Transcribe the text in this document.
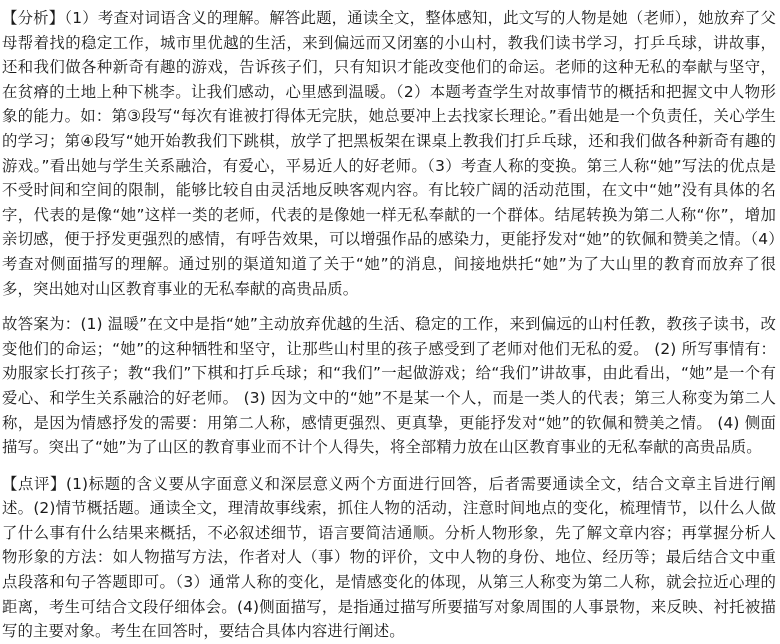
【分析】（1）考查对词语含义的理解。解答此题，通读全文，整体感知，此文写的人物是她（老师），她放弃了父母帮着找的稳定工作，城市里优越的生活，来到偏远而又闭塞的小山村，教我们读书学习，打乒乓球，讲故事，还和我们做各种新奇有趣的游戏，告诉孩子们，只有知识才能改变他们的命运。老师的这种无私的奉献与坚守，在贫瘠的土地上种下桃李。让我们感动，心里感到温暖。（2）本题考查学生对故事情节的概括和把握文中人物形象的能力。如：第③段写“每次有谁被打得体无完肤，她总要冲上去找家长理论。”看出她是一个负责任，关心学生的学习；第④段写“她开始教我们下跳棋，放学了把黑板架在课桌上教我们打乒乓球，还和我们做各种新奇有趣的游戏。”看出她与学生关系融洽，有爱心，平易近人的好老师。（3）考查人称的变换。第三人称“她”写法的优点是不受时间和空间的限制，能够比较自由灵活地反映客观内容。有比较广阔的活动范围，在文中“她”没有具体的名字，代表的是像“她”这样一类的老师，代表的是像她一样无私奉献的一个群体。结尾转换为第二人称“你”，增加亲切感，便于抒发更强烈的感情，有呼告效果，可以增强作品的感染力，更能抒发对“她”的钦佩和赞美之情。（4）考查对侧面描写的理解。通过别的渠道知道了关于“她”的消息，间接地烘托“她”为了大山里的教育而放弃了很多，突出她对山区教育事业的无私奉献的高贵品质。

故答案为：(1) 温暖”在文中是指“她”主动放弃优越的生活、稳定的工作，来到偏远的山村任教，教孩子读书，改变他们的命运；“她”的这种牺牲和坚守，让那些山村里的孩子感受到了老师对他们无私的爱。 (2) 所写事情有：劝服家长打孩子；教“我们”下棋和打乒乓球；和“我们”一起做游戏；给“我们”讲故事，由此看出，“她”是一个有爱心、和学生关系融洽的好老师。 (3) 因为文中的“她”不是某一个人，而是一类人的代表；第三人称变为第二人称，是因为情感抒发的需要：用第二人称，感情更强烈、更真挚，更能抒发对“她”的钦佩和赞美之情。 (4) 侧面描写。突出了“她”为了山区的教育事业而不计个人得失，将全部精力放在山区教育事业的无私奉献的高贵品质。

【点评】(1)标题的含义要从字面意义和深层意义两个方面进行回答，后者需要通读全文，结合文章主旨进行阐述。(2)情节概括题。通读全文，理清故事线索，抓住人物的活动，注意时间地点的变化，梳理情节，以什么人做了什么事有什么结果来概括，不必叙述细节，语言要简洁通顺。分析人物形象，先了解文章内容；再掌握分析人物形象的方法：如人物描写方法，作者对人（事）物的评价，文中人物的身份、地位、经历等；最后结合文中重点段落和句子答题即可。（3）通常人称的变化，是情感变化的体现，从第三人称变为第二人称，就会拉近心理的距离，考生可结合文段仔细体会。(4)侧面描写，是指通过描写所要描写对象周围的人事景物，来反映、衬托被描写的主要对象。考生在回答时，要结合具体内容进行阐述。
